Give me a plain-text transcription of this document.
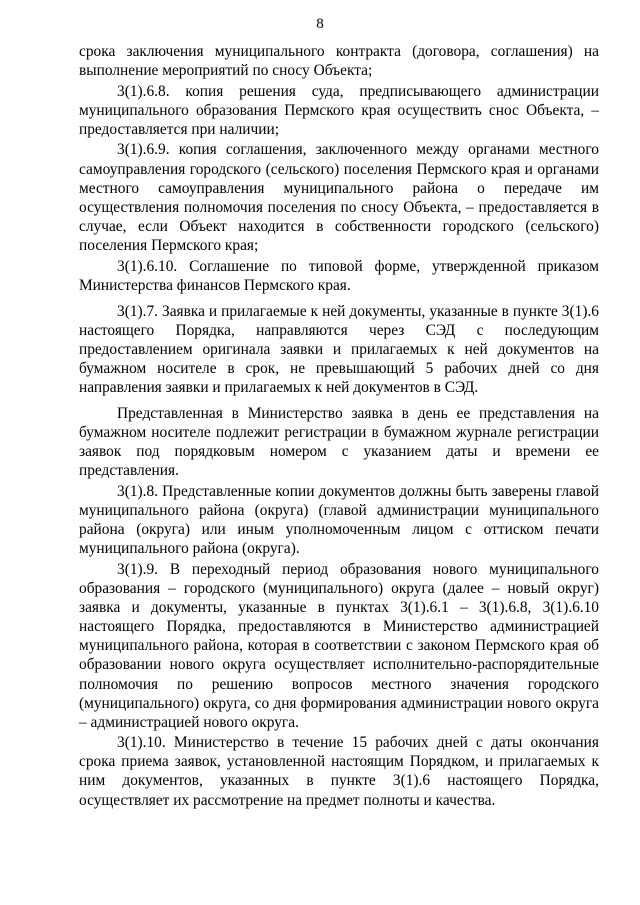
8

срока заключения муниципального контракта (договора, соглашения) на выполнение мероприятий по сносу Объекта;

3(1).6.8. копия решения суда, предписывающего администрации муниципального образования Пермского края осуществить снос Объекта, – предоставляется при наличии;

3(1).6.9. копия соглашения, заключенного между органами местного самоуправления городского (сельского) поселения Пермского края и органами местного самоуправления муниципального района о передаче им осуществления полномочия поселения по сносу Объекта, – предоставляется в случае, если Объект находится в собственности городского (сельского) поселения Пермского края;

3(1).6.10. Соглашение по типовой форме, утвержденной приказом Министерства финансов Пермского края.

3(1).7. Заявка и прилагаемые к ней документы, указанные в пункте 3(1).6 настоящего Порядка, направляются через СЭД с последующим предоставлением оригинала заявки и прилагаемых к ней документов на бумажном носителе в срок, не превышающий 5 рабочих дней со дня направления заявки и прилагаемых к ней документов в СЭД.

Представленная в Министерство заявка в день ее представления на бумажном носителе подлежит регистрации в бумажном журнале регистрации заявок под порядковым номером с указанием даты и времени ее представления.

3(1).8. Представленные копии документов должны быть заверены главой муниципального района (округа) (главой администрации муниципального района (округа) или иным уполномоченным лицом с оттиском печати муниципального района (округа).

3(1).9. В переходный период образования нового муниципального образования – городского (муниципального) округа (далее – новый округ) заявка и документы, указанные в пунктах 3(1).6.1 – 3(1).6.8, 3(1).6.10 настоящего Порядка, предоставляются в Министерство администрацией муниципального района, которая в соответствии с законом Пермского края об образовании нового округа осуществляет исполнительно-распорядительные полномочия по решению вопросов местного значения городского (муниципального) округа, со дня формирования администрации нового округа – администрацией нового округа.

3(1).10. Министерство в течение 15 рабочих дней с даты окончания срока приема заявок, установленной настоящим Порядком, и прилагаемых к ним документов, указанных в пункте 3(1).6 настоящего Порядка, осуществляет их рассмотрение на предмет полноты и качества.
